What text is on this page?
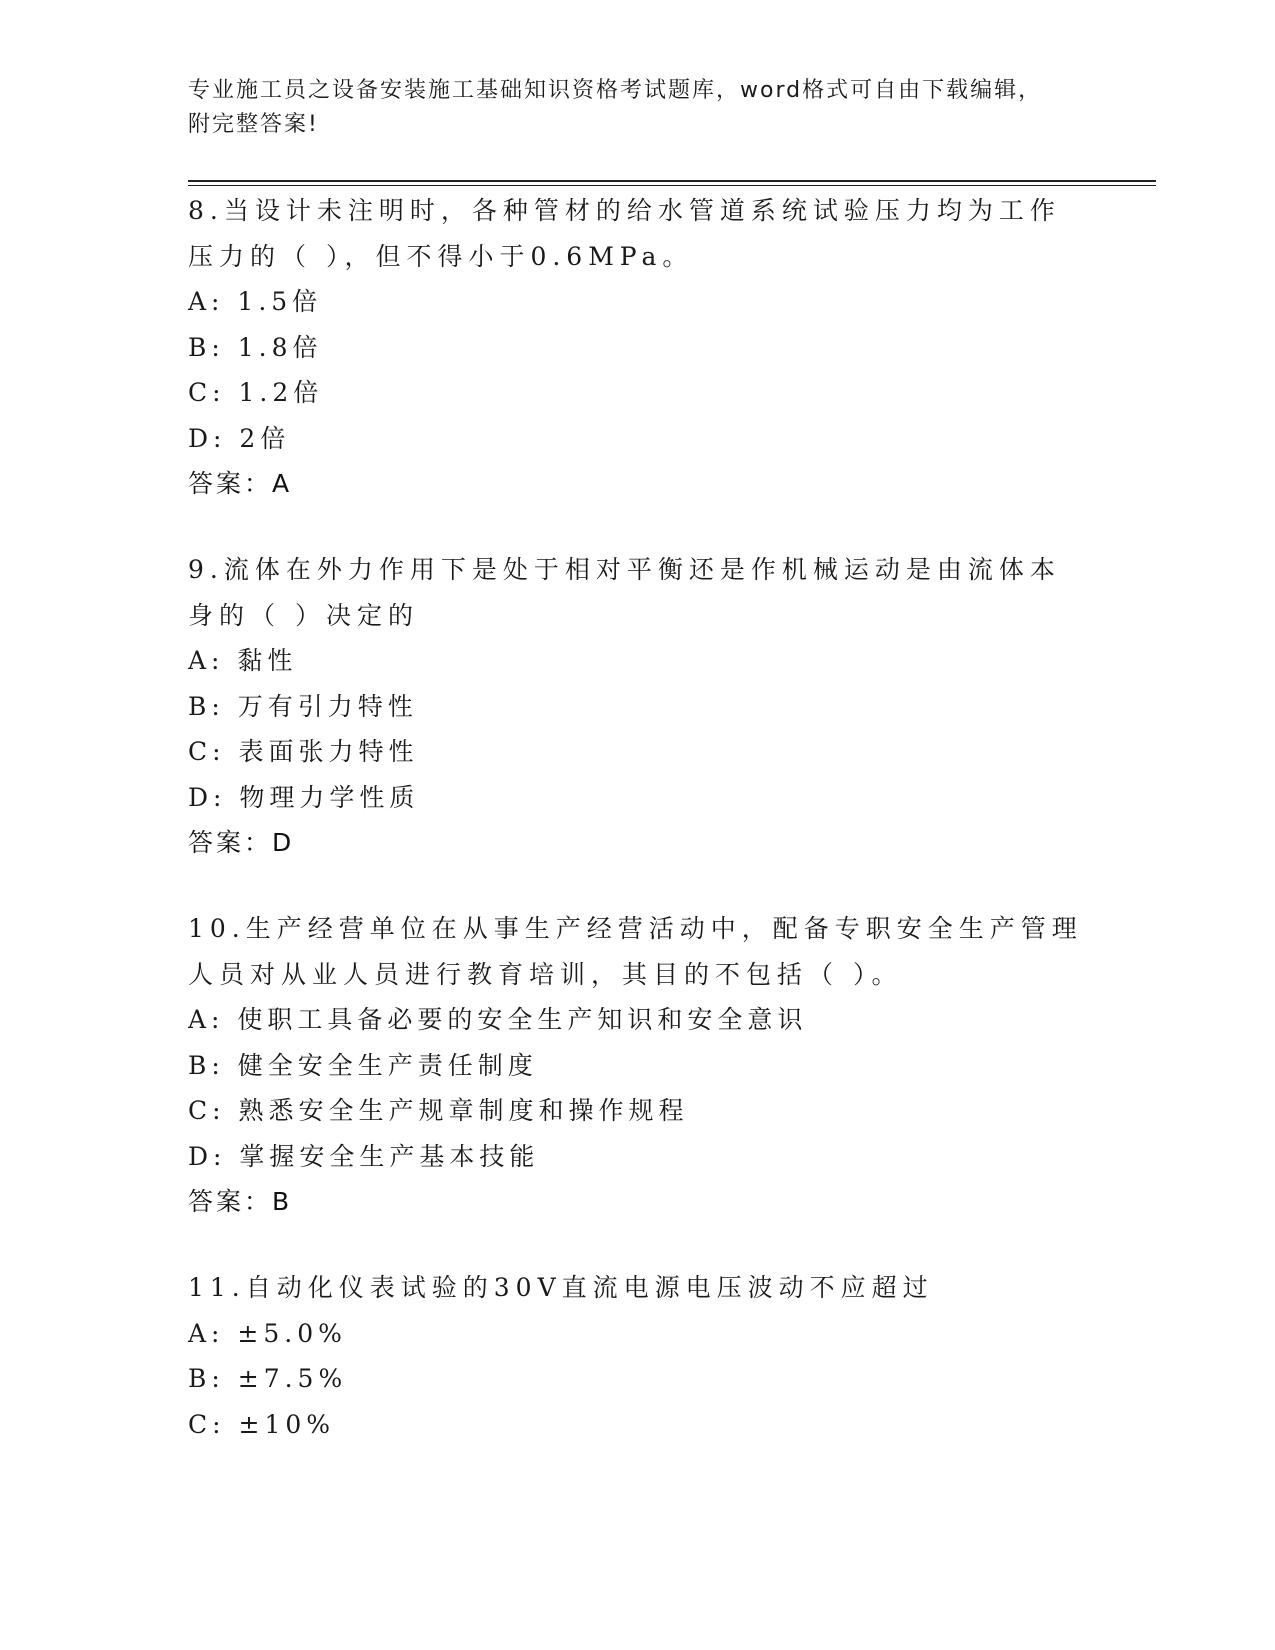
专业施工员之设备安装施工基础知识资格考试题库，word格式可自由下载编辑，
附完整答案!

8.当设计未注明时，各种管材的给水管道系统试验压力均为工作压力的（ ），但不得小于0.6MPa。

A: 1.5倍

B: 1.8倍

C: 1.2倍

D: 2倍

答案：A

9.流体在外力作用下是处于相对平衡还是作机械运动是由流体本身的（ ）决定的

A: 黏性

B: 万有引力特性

C: 表面张力特性

D: 物理力学性质

答案：D

10.生产经营单位在从事生产经营活动中，配备专职安全生产管理人员对从业人员进行教育培训，其目的不包括（ ）。

A: 使职工具备必要的安全生产知识和安全意识

B: 健全安全生产责任制度

C: 熟悉安全生产规章制度和操作规程

D: 掌握安全生产基本技能

答案：B

11.自动化仪表试验的30V直流电源电压波动不应超过

A: ±5.0%

B: ±7.5%

C: ±10%
